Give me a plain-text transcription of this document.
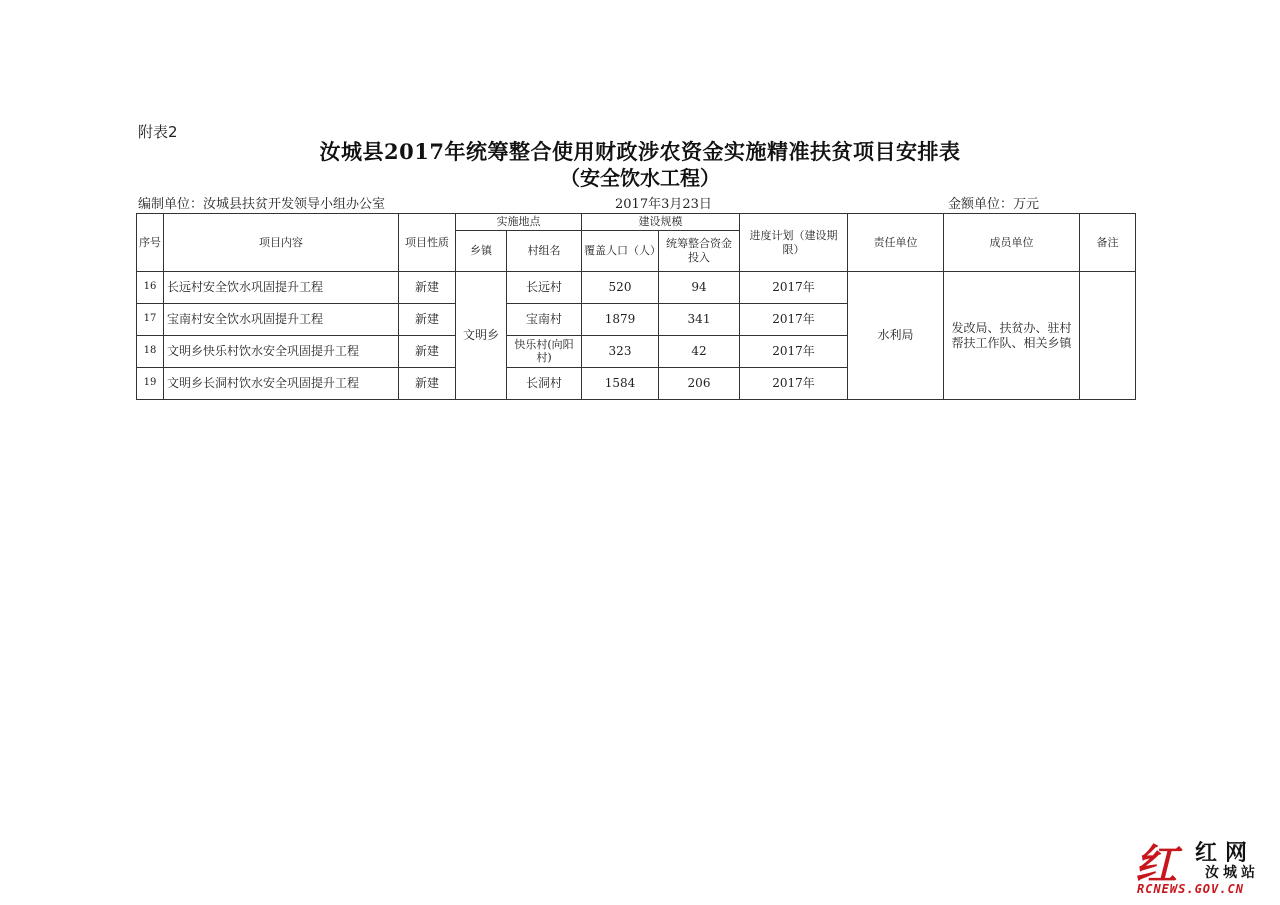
附表2
汝城县2017年统筹整合使用财政涉农资金实施精准扶贫项目安排表
（安全饮水工程）
编制单位：汝城县扶贫开发领导小组办公室	2017年3月23日	金额单位：万元
序号	项目内容	项目性质	实施地点		建设规模		进度计划（建设期限）	责任单位	成员单位	备注
			乡镇	村组名	覆盖人口（人）	统筹整合资金投入				
16	长远村安全饮水巩固提升工程	新建	文明乡	长远村	520	94	2017年	水利局	发改局、扶贫办、驻村帮扶工作队、相关乡镇	
17	宝南村安全饮水巩固提升工程	新建		宝南村	1879	341	2017年			
18	文明乡快乐村饮水安全巩固提升工程	新建		快乐村(向阳村)	323	42	2017年			
19	文明乡长洞村饮水安全巩固提升工程	新建		长洞村	1584	206	2017年			
红 红网
汝城站
RCNEWS.GOV.CN
